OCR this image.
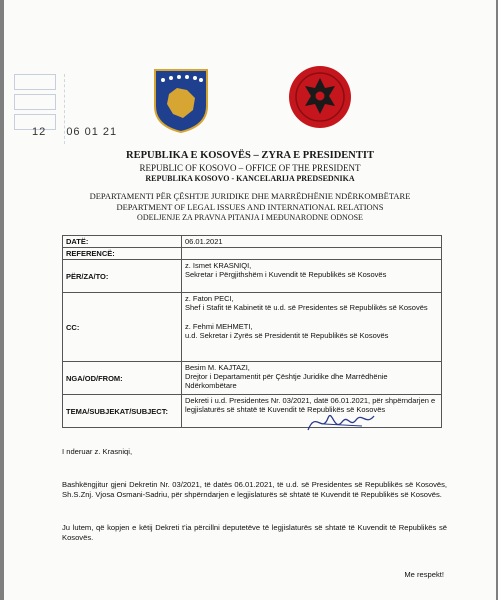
12 06 01 21
REPUBLIKA E KOSOVËS – ZYRA E PRESIDENTIT
REPUBLIC OF KOSOVO – OFFICE OF THE PRESIDENT
REPUBLIKA KOSOVO - KANCELARIJA PREDSEDNIKA
DEPARTAMENTI PËR ÇËSHTJE JURIDIKE DHE MARRËDHËNIE NDËRKOMBËTARE
DEPARTMENT OF LEGAL ISSUES AND INTERNATIONAL RELATIONS
ODELJENJE ZA PRAVNA PITANJA I MEĐUNARODNE ODNOSE
DATË:	06.01.2021
REFERENCË:	
PËR/ZA/TO:	z. Ismet KRASNIQI,
Sekretar i Përgjithshëm i Kuvendit të Republikës së Kosovës

CC:	z. Faton PECI,
Shef i Stafit të Kabinetit të u.d. së Presidentes së Republikës së Kosovës
z. Fehmi MEHMETI,
u.d. Sekretar i Zyrës së Presidentit të Republikës së Kosovës

NGA/OD/FROM:	Besim M. KAJTAZI,
Drejtor i Departamentit për Çështje Juridike dhe Marrëdhënie Ndërkombëtare

TEMA/SUBJEKAT/SUBJECT:	Dekreti i u.d. Presidentes Nr. 03/2021, datë 06.01.2021, për shpërndarjen e legjislaturës së shtatë të Kuvendit të Republikës së Kosovës
I nderuar z. Krasniqi,
Bashkëngjitur gjeni Dekretin Nr. 03/2021, të datës 06.01.2021, të u.d. së Presidentes së Republikës së Kosovës, Sh.S.Znj. Vjosa Osmani-Sadriu, për shpërndarjen e legjislaturës së shtatë të Kuvendit të Republikës së Kosovës.
Ju lutem, që kopjen e këtij Dekreti t'ia përcillni deputetëve të legjislaturës së shtatë të Kuvendit të Republikës së Kosovës.
Me respekt!
